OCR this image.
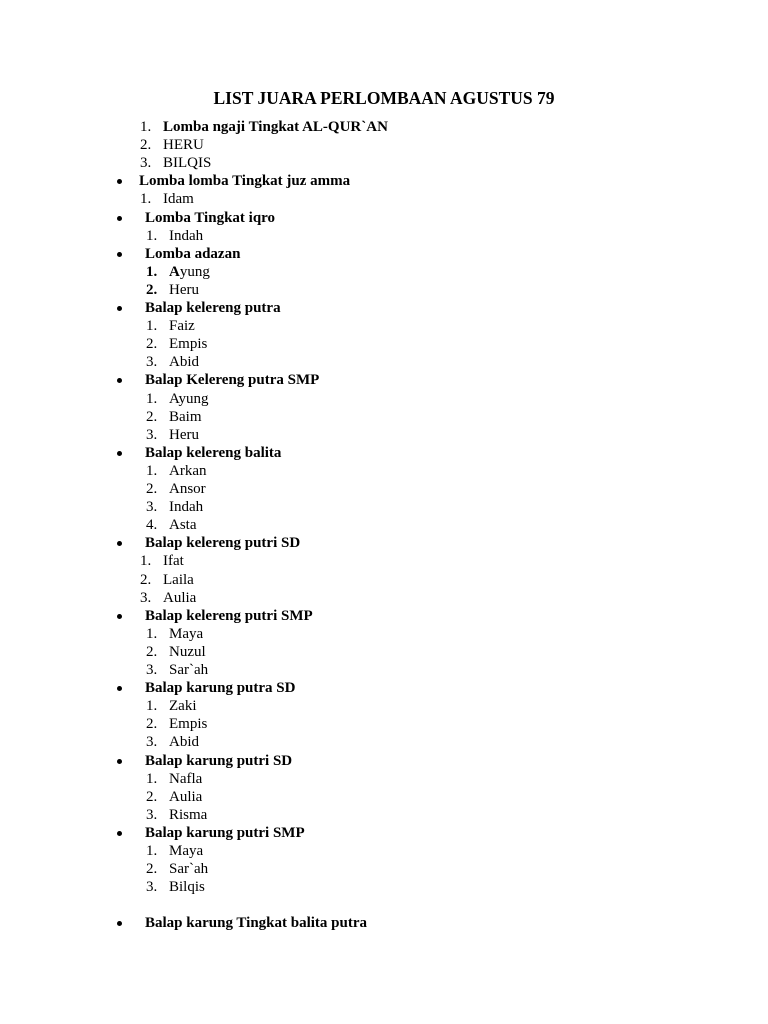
LIST JUARA PERLOMBAAN AGUSTUS 79
1. Lomba ngaji Tingkat AL-QUR`AN
2. HERU
3. BILQIS
Lomba lomba Tingkat juz amma
1. Idam
Lomba Tingkat iqro
1. Indah
Lomba adazan
1. Ayung
2. Heru
Balap kelereng putra
1. Faiz
2. Empis
3. Abid
Balap Kelereng putra SMP
1. Ayung
2. Baim
3. Heru
Balap kelereng balita
1. Arkan
2. Ansor
3. Indah
4. Asta
Balap kelereng putri SD
1. Ifat
2. Laila
3. Aulia
Balap kelereng putri SMP
1. Maya
2. Nuzul
3. Sar`ah
Balap karung putra SD
1. Zaki
2. Empis
3. Abid
Balap karung putri SD
1. Nafla
2. Aulia
3. Risma
Balap karung putri SMP
1. Maya
2. Sar`ah
3. Bilqis
Balap karung Tingkat balita putra
